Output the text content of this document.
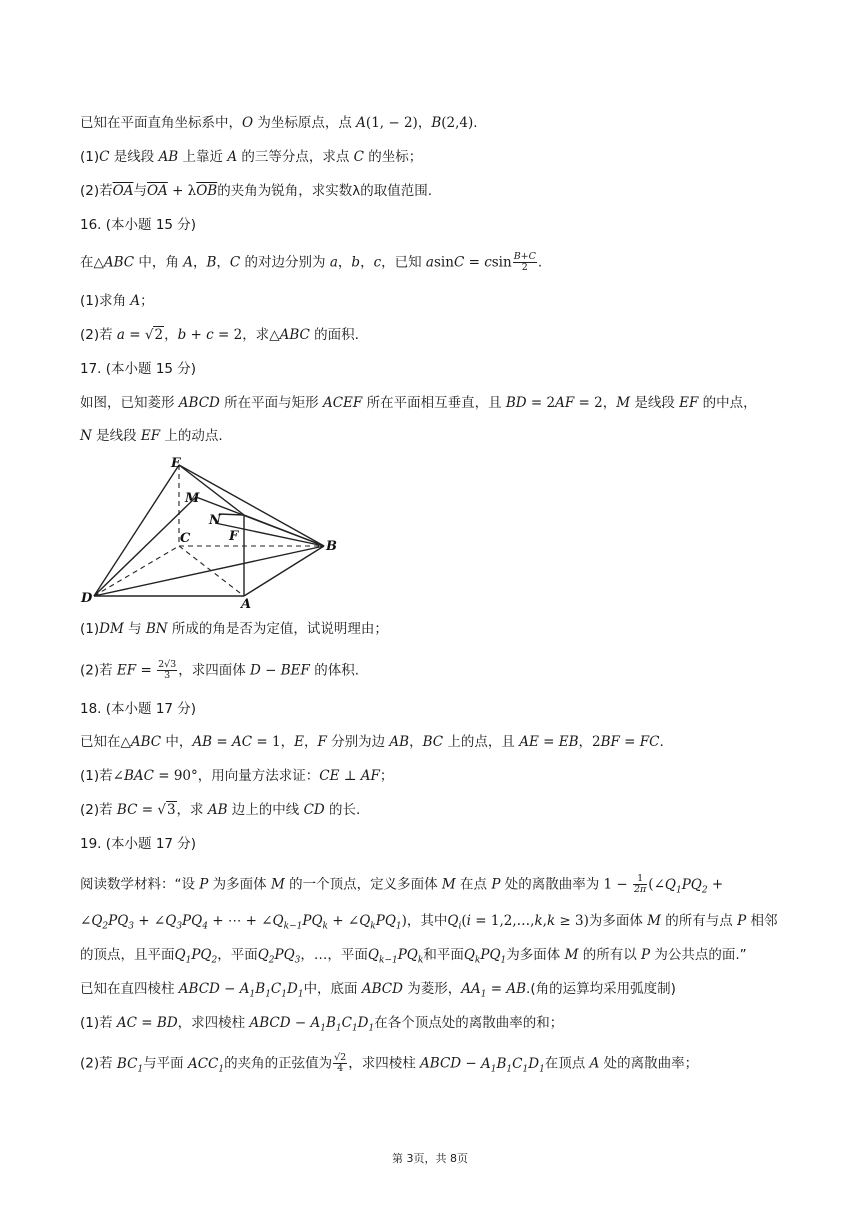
已知在平面直角坐标系中，O 为坐标原点，点 A(1, − 2)，B(2,4).
(1)C 是线段 AB 上靠近 A 的三等分点，求点 C 的坐标；
(2)若$\overline{OA}$与$\overline{OA} + \lambda\overline{OB}$的夹角为锐角，求实数λ的取值范围.
16. (本小题 15 分)
在△ABC 中，角 A，B，C 的对边分别为 a，b，c，已知 asinC = csin $\frac{B+C}{2}$ .
(1)求角 A；
(2)若 a = √2，b + c = 2，求△ABC 的面积.
17. (本小题 15 分)
如图，已知菱形 ABCD 所在平面与矩形 ACEF 所在平面相互垂直，且 BD = 2AF = 2，M 是线段 EF 的中点，
N 是线段 EF 上的动点.
E
M
N
C	F
B
D	A
(1)DM 与 BN 所成的角是否为定值，试说明理由；
(2)若 EF = $\frac{2√3}{3}$ ，求四面体 D − BEF 的体积.
18. (本小题 17 分)
已知在△ABC 中，AB = AC = 1，E，F 分别为边 AB，BC 上的点，且 AE = EB，2BF = FC.
(1)若∠BAC = 90°，用向量方法求证：CE ⊥ AF；
(2)若 BC = √3，求 AB 边上的中线 CD 的长.
19. (本小题 17 分)
阅读数学材料：“设 P 为多面体 M 的一个顶点，定义多面体 M 在点 P 处的离散曲率为 $1 - \frac{1}{2\pi}$ ($\angle Q_1PQ_2$ +
$\angle Q_2PQ_3$ + $\angle Q_3PQ_4$ + ⋯ + $\angle Q_{k-1}PQ_k$ + $\angle Q_kPQ_1$)，其中$Q_i(i$ = 1,2,…,k,k ≥ 3)为多面体 M 的所有与点 P 相邻
的顶点，且平面$Q_1PQ_2$，平面$Q_2PQ_3$，…，平面$Q_{k-1}PQ_k$和平面$Q_kPQ_1$为多面体 M 的所有以 P 为公共点的面.”
已知在直四棱柱 ABCD − $A_1B_1C_1D_1$中，底面 ABCD 为菱形，$AA_1 = AB$.(角的运算均采用弧度制)
(1)若 AC = BD，求四棱柱 ABCD − $A_1B_1C_1D_1$在各个顶点处的离散曲率的和；
(2)若 $BC_1$与平面 $ACC_1$的夹角的正弦值为 $\frac{√2}{4}$ ，求四棱柱 ABCD − $A_1B_1C_1D_1$在顶点 A 处的离散曲率；
第 3页，共 8页
